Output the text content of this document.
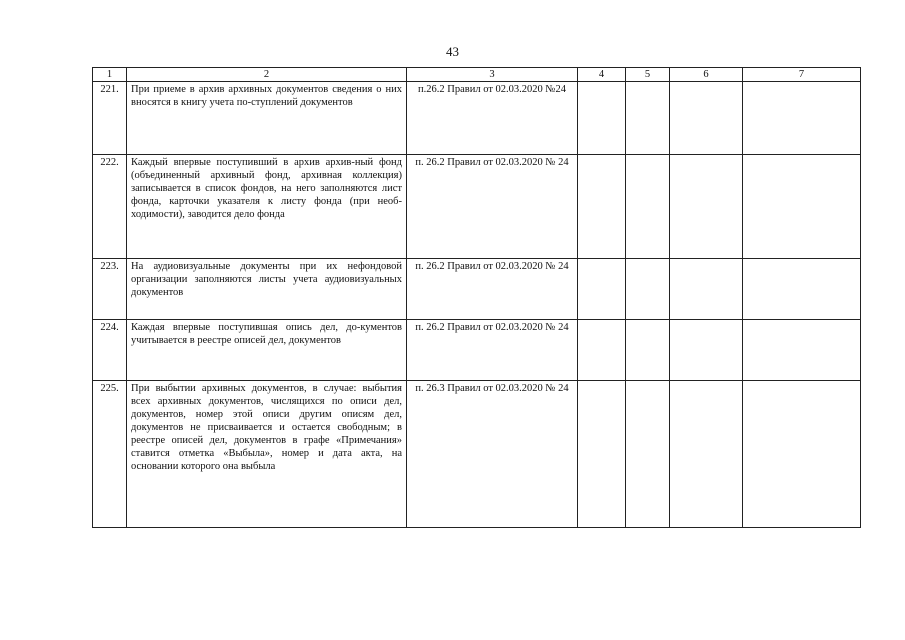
43
1	2	3	4	5	6	7
221.	При приеме в архив архивных документов сведения о них вносятся в книгу учета по-ступлений документов	п.26.2 Правил от 02.03.2020 №24				
222.	Каждый впервые поступивший в архив архив-ный фонд (объединенный архивный фонд, архивная коллекция) записывается в список фондов, на него заполняются лист фонда, карточки указателя к листу фонда (при необ-ходимости), заводится дело фонда	п. 26.2 Правил от 02.03.2020 № 24				
223.	На аудиовизуальные документы при их нефондовой организации заполняются листы учета аудиовизуальных документов	п. 26.2 Правил от 02.03.2020 № 24				
224.	Каждая впервые поступившая опись дел, до-кументов учитывается в реестре описей дел, документов	п. 26.2 Правил от 02.03.2020 № 24				
225.	При выбытии архивных документов, в случае: выбытия всех архивных документов, числящихся по описи дел, документов, номер этой описи другим описям дел, документов не присваивается и остается свободным; в реестре описей дел, документов в графе «Примечания» ставится отметка «Выбыла», номер и дата акта, на основании которого она выбыла	п. 26.3 Правил от 02.03.2020 № 24				
